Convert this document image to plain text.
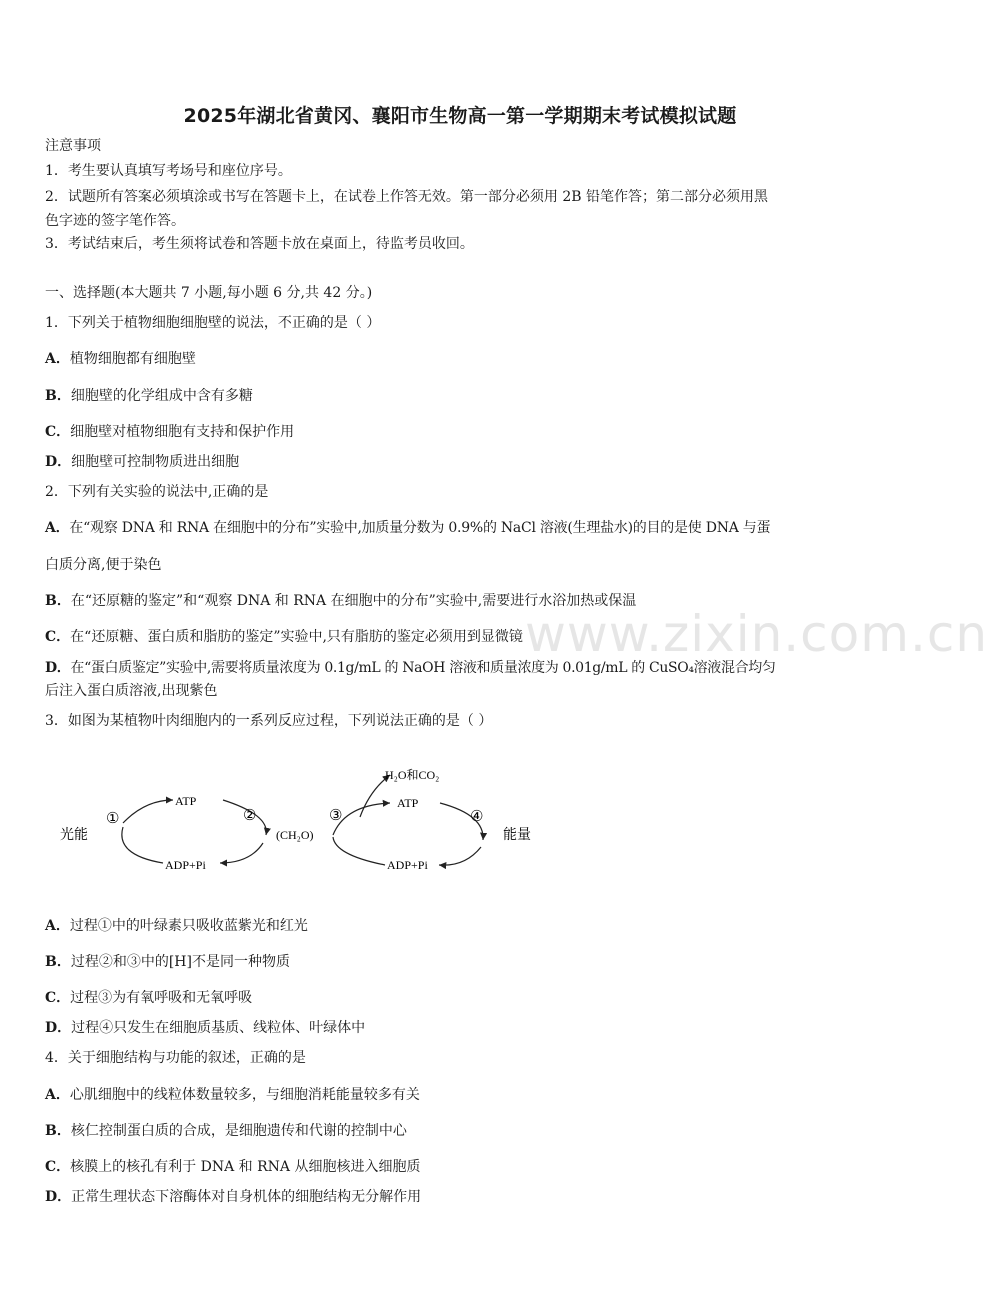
www.zixin.com.cn
2025年湖北省黄冈、襄阳市生物高一第一学期期末考试模拟试题
注意事项
1．考生要认真填写考场号和座位序号。
2．试题所有答案必须填涂或书写在答题卡上，在试卷上作答无效。第一部分必须用 2B 铅笔作答；第二部分必须用黑
色字迹的签字笔作答。
3．考试结束后，考生须将试卷和答题卡放在桌面上，待监考员收回。
一、选择题(本大题共 7 小题,每小题 6 分,共 42 分。)
1．下列关于植物细胞细胞壁的说法，不正确的是（ ）
A．植物细胞都有细胞壁
B．细胞壁的化学组成中含有多糖
C．细胞壁对植物细胞有支持和保护作用
D．细胞壁可控制物质进出细胞
2．下列有关实验的说法中,正确的是
A．在“观察 DNA 和 RNA 在细胞中的分布”实验中,加质量分数为 0.9%的 NaCl 溶液(生理盐水)的目的是使 DNA 与蛋
白质分离,便于染色
B．在“还原糖的鉴定”和“观察 DNA 和 RNA 在细胞中的分布”实验中,需要进行水浴加热或保温
C．在“还原糖、蛋白质和脂肪的鉴定”实验中,只有脂肪的鉴定必须用到显微镜
D．在“蛋白质鉴定”实验中,需要将质量浓度为 0.1g/mL 的 NaOH 溶液和质量浓度为 0.01g/mL 的 CuSO₄溶液混合均匀
后注入蛋白质溶液,出现紫色
3．如图为某植物叶肉细胞内的一系列反应过程，下列说法正确的是（ ）
光能
①
ATP
ADP+Pi
②
(CH₂O)
③
H₂O和CO₂
ATP
④
能量
ADP+Pi
A．过程①中的叶绿素只吸收蓝紫光和红光
B．过程②和③中的[H]不是同一种物质
C．过程③为有氧呼吸和无氧呼吸
D．过程④只发生在细胞质基质、线粒体、叶绿体中
4．关于细胞结构与功能的叙述，正确的是
A．心肌细胞中的线粒体数量较多，与细胞消耗能量较多有关
B．核仁控制蛋白质的合成，是细胞遗传和代谢的控制中心
C．核膜上的核孔有利于 DNA 和 RNA 从细胞核进入细胞质
D．正常生理状态下溶酶体对自身机体的细胞结构无分解作用
